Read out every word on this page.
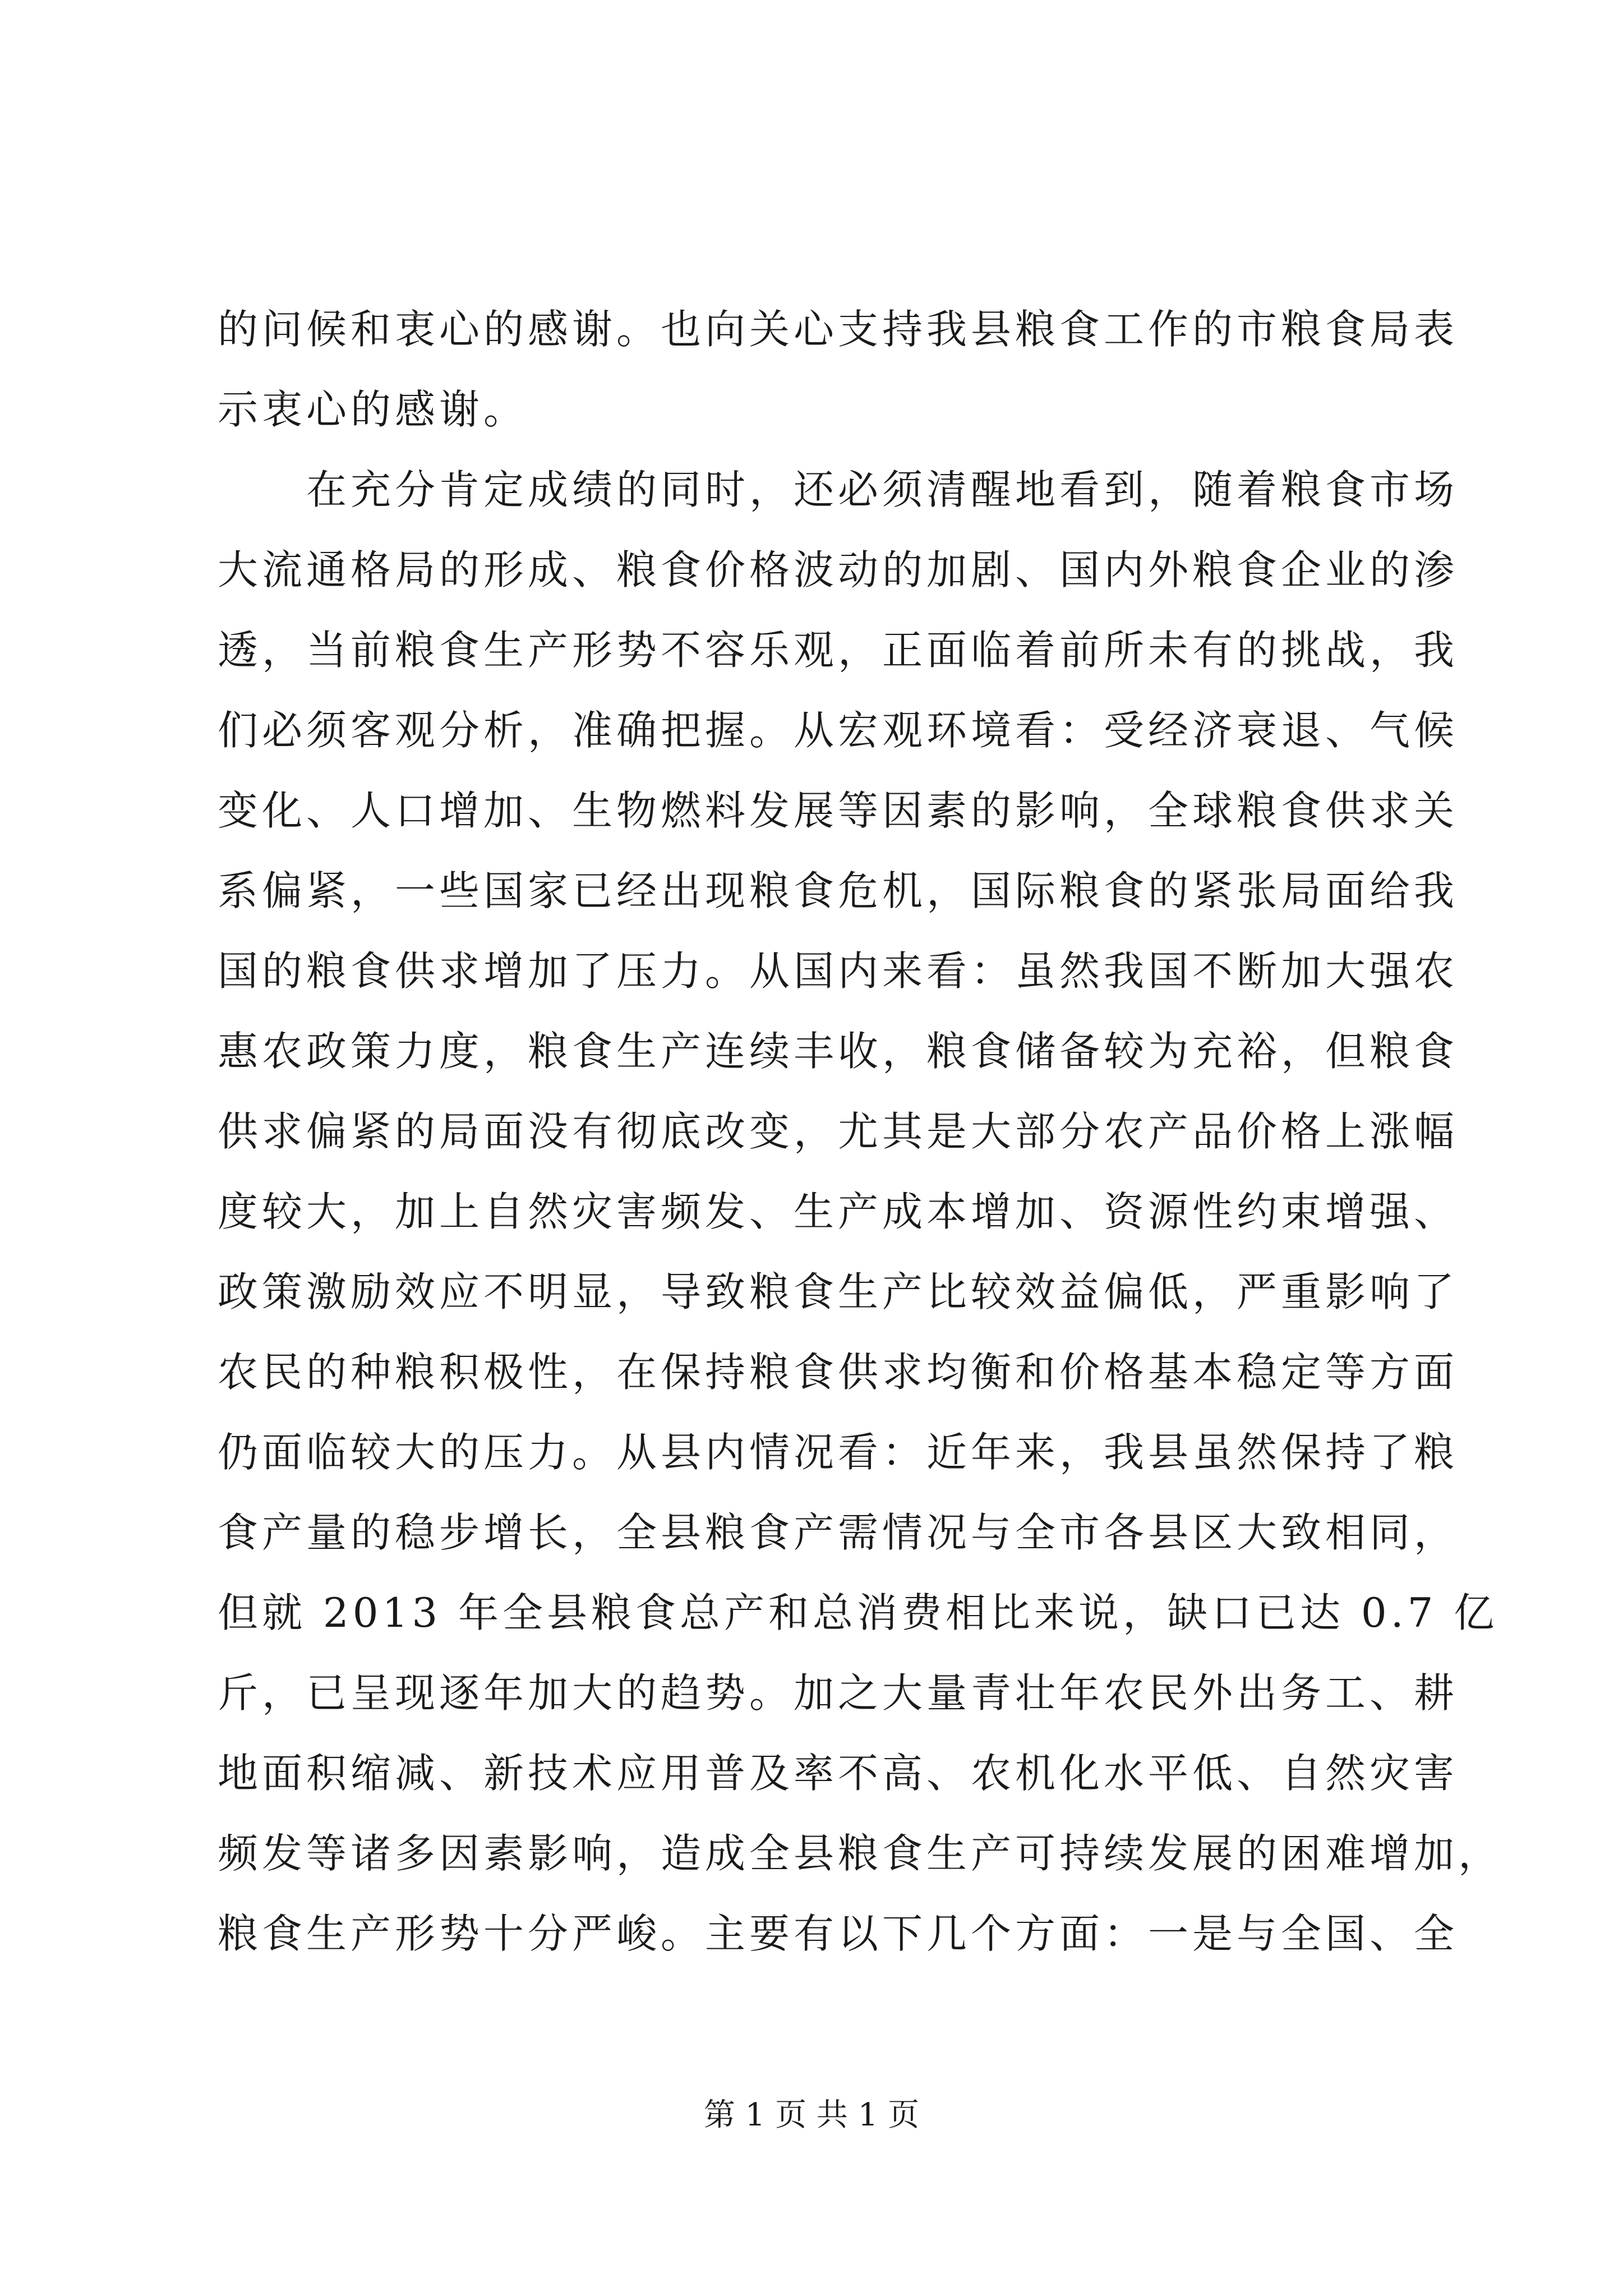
的问候和衷心的感谢。也向关心支持我县粮食工作的市粮食局表
示衷心的感谢。
在充分肯定成绩的同时，还必须清醒地看到，随着粮食市场
大流通格局的形成、粮食价格波动的加剧、国内外粮食企业的渗
透，当前粮食生产形势不容乐观，正面临着前所未有的挑战，我
们必须客观分析，准确把握。从宏观环境看：受经济衰退、气候
变化、人口增加、生物燃料发展等因素的影响，全球粮食供求关
系偏紧，一些国家已经出现粮食危机，国际粮食的紧张局面给我
国的粮食供求增加了压力。从国内来看：虽然我国不断加大强农
惠农政策力度，粮食生产连续丰收，粮食储备较为充裕，但粮食
供求偏紧的局面没有彻底改变，尤其是大部分农产品价格上涨幅
度较大，加上自然灾害频发、生产成本增加、资源性约束增强、
政策激励效应不明显，导致粮食生产比较效益偏低，严重影响了
农民的种粮积极性，在保持粮食供求均衡和价格基本稳定等方面
仍面临较大的压力。从县内情况看：近年来，我县虽然保持了粮
食产量的稳步增长，全县粮食产需情况与全市各县区大致相同，
但就 2013 年全县粮食总产和总消费相比来说，缺口已达 0.7 亿
斤，已呈现逐年加大的趋势。加之大量青壮年农民外出务工、耕
地面积缩减、新技术应用普及率不高、农机化水平低、自然灾害
频发等诸多因素影响，造成全县粮食生产可持续发展的困难增加，
粮食生产形势十分严峻。主要有以下几个方面：一是与全国、全
第 1 页 共 1 页
